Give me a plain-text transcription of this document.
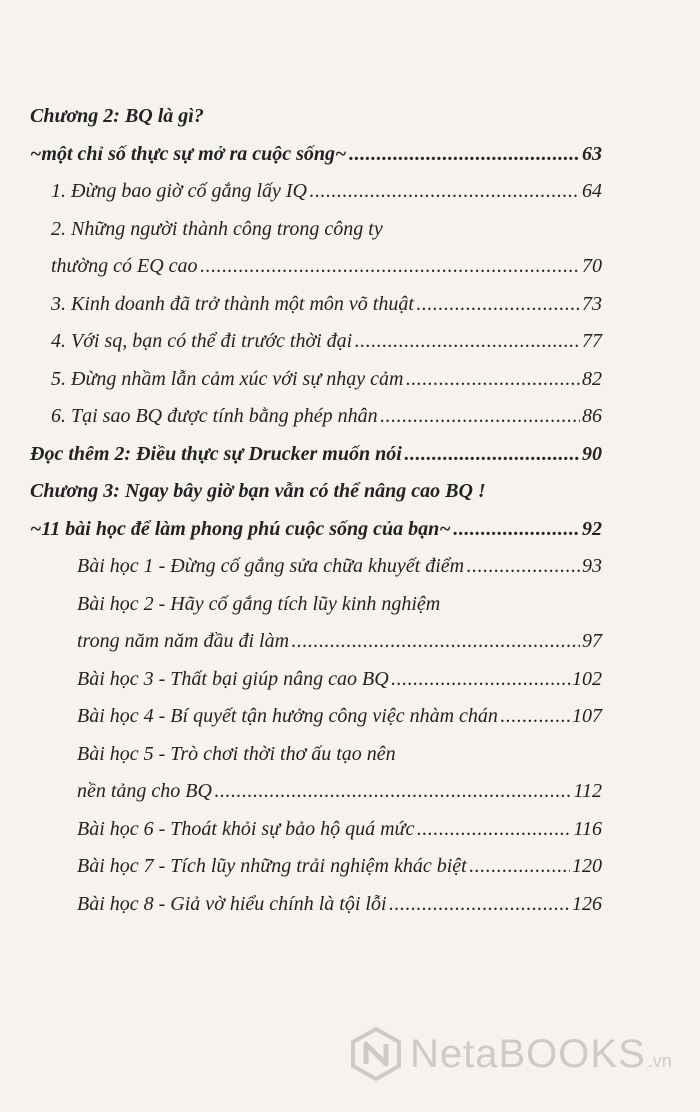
Chương 2: BQ là gì?
~một chỉ số thực sự mở ra cuộc sống~ .....	63
1. Đừng bao giờ cố gắng lấy IQ .....	64
2. Những người thành công trong công ty
thường có EQ cao .....	70
3. Kinh doanh đã trở thành một môn võ thuật .....	73
4. Với sq, bạn có thể đi trước thời đại .....	77
5. Đừng nhầm lẫn cảm xúc với sự nhạy cảm .....	82
6. Tại sao BQ được tính bằng phép nhân .....	86
Đọc thêm 2: Điều thực sự Drucker muốn nói .....	90
Chương 3: Ngay bây giờ bạn vẫn có thể nâng cao BQ !
~11 bài học để làm phong phú cuộc sống của bạn~ .....	92
Bài học 1 - Đừng cố gắng sửa chữa khuyết điểm .....	93
Bài học 2 - Hãy cố gắng tích lũy kinh nghiệm
trong năm năm đầu đi làm .....	97
Bài học 3 - Thất bại giúp nâng cao BQ .....	102
Bài học 4 - Bí quyết tận hưởng công việc nhàm chán .....	107
Bài học 5 - Trò chơi thời thơ ấu tạo nên
nền tảng cho BQ .....	112
Bài học 6 - Thoát khỏi sự bảo hộ quá mức .....	116
Bài học 7 - Tích lũy những trải nghiệm khác biệt .....	120
Bài học 8 - Giả vờ hiểu chính là tội lỗi .....	126
NetaBOOKS .vn
